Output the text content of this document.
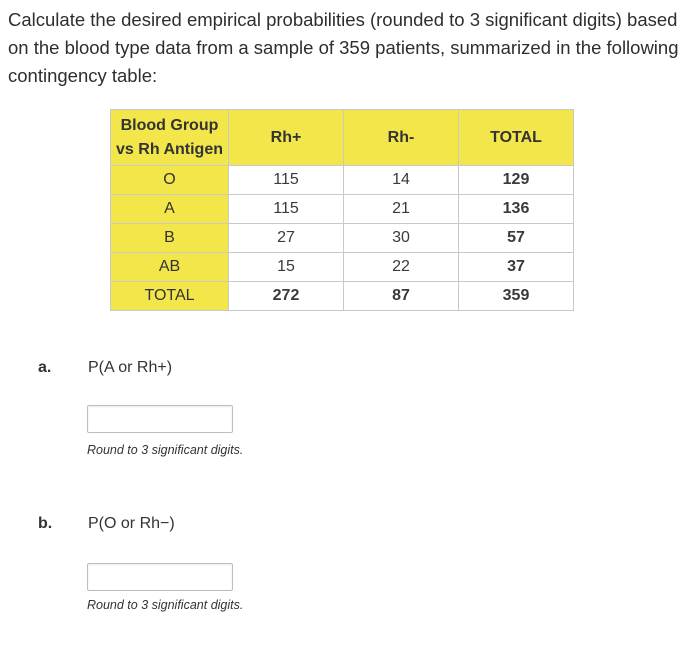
Calculate the desired empirical probabilities (rounded to 3 significant digits) based on the blood type data from a sample of 359 patients, summarized in the following contingency table:

Blood Group vs Rh Antigen	Rh+	Rh-	TOTAL
O	115	14	129
A	115	21	136
B	27	30	57
AB	15	22	37
TOTAL	272	87	359
a. P(A or Rh+)
Round to 3 significant digits.
b. P(O or Rh−)
Round to 3 significant digits.
